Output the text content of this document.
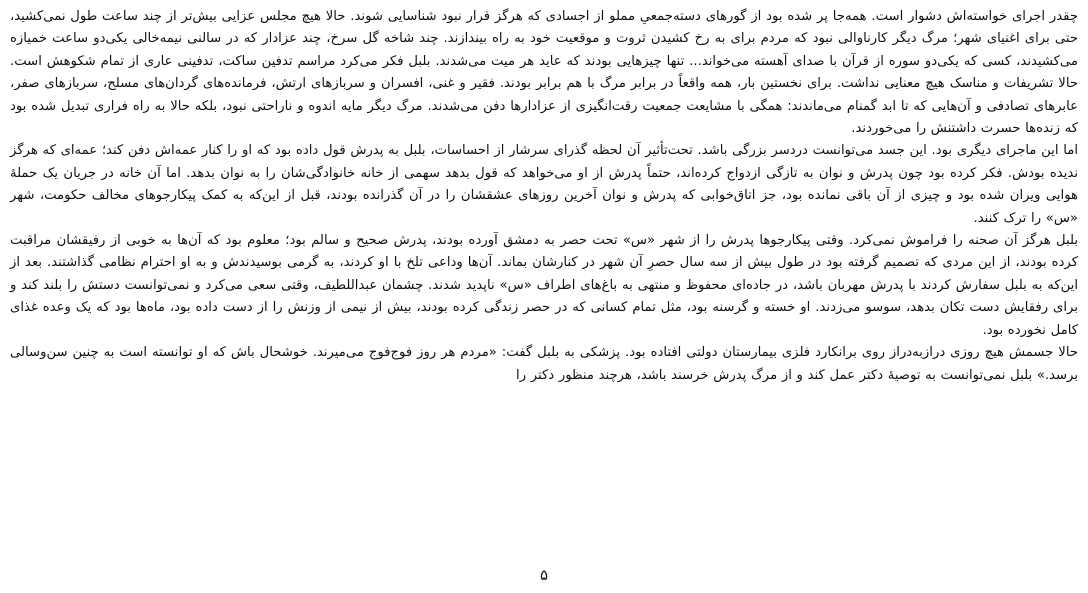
چقدر اجرای خواسته‌اش دشوار است. همه‌جا پر شده بود از گورهای دسته‌جمعیِ مملو از اجسادی که هرگز قرار نبود شناسایی شوند. حالا هیچ مجلس عزایی بیش‌تر از چند ساعت طول نمی‌کشید، حتی برای اغنیای شهر؛ مرگ دیگر کارناوالی نبود که مردم برای به رخ کشیدن ثروت و موقعیت خود به راه بیندازند. چند شاخه گل سرخ، چند عزادار که در سالنی نیمه‌خالی یکی‌دو ساعت خمیازه می‌کشیدند، کسی که یکی‌دو سوره از قرآن با صدای آهسته می‌خواند... تنها چیزهایی بودند که عاید هر میت می‌شدند. بلبل فکر می‌کرد مراسم تدفین ساکت، تدفینی عاری از تمام شکوهش است. حالا تشریفات و مناسک هیچ معنایی نداشت. برای نخستین بار، همه واقعاً در برابر مرگ با هم برابر بودند. فقیر و غنی، افسران و سربازهای ارتش، فرمانده‌های گردان‌های مسلح، سربازهای صفر، عابرهای تصادفی و آن‌هایی که تا ابد گمنام می‌ماندند: همگی با مشایعت جمعیت رقت‌انگیزی از عزادارها دفن می‌شدند. مرگ دیگر مایه اندوه و ناراحتی نبود، بلکه حالا به راه فراری تبدیل شده بود که زنده‌ها حسرت داشتنش را می‌خوردند.

اما این ماجرای دیگری بود. این جسد می‌توانست دردسر بزرگی باشد. تحت‌تأثیر آن لحظه گذرای سرشار از احساسات، بلبل به پدرش قول داده بود که او را کنار عمه‌اش دفن کند؛ عمه‌ای که هرگز ندیده بودش. فکر کرده بود چون پدرش و نوان به تازگی ازدواج کرده‌اند، حتماً پدرش از او می‌خواهد که قول بدهد سهمی از خانه خانوادگی‌شان را به نوان بدهد. اما آن خانه در جریان یک حملهٔ هوایی ویران شده بود و چیزی از آن باقی نمانده بود، جز اتاق‌خوابی که پدرش و نوان آخرین روزهای عشقشان را در آن گذرانده بودند، قبل از این‌که به کمک پیکارجوهای مخالف حکومت، شهر «س» را ترک کنند.

بلبل هرگز آن صحنه را فراموش نمی‌کرد. وقتی پیکارجوها پدرش را از شهر «س» تحت حصر به دمشق آورده بودند، پدرش صحیح و سالم بود؛ معلوم بود که آن‌ها به خوبی از رفیقشان مراقبت کرده بودند، از این مردی که تصمیم گرفته بود در طول بیش از سه سال حصرِ آن شهر در کنارشان بماند. آن‌ها وداعی تلخ با او کردند، به گرمی بوسیدندش و به او احترام نظامی گذاشتند. بعد از این‌که به بلبل سفارش کردند با پدرش مهربان باشد، در جاده‌ای محفوظ و منتهی به باغ‌های اطراف «س» ناپدید شدند. چشمان عبداللطیف، وقتی سعی می‌کرد و نمی‌توانست دستش را بلند کند و برای رفقایش دست تکان بدهد، سوسو می‌زدند. او خسته و گرسنه بود، مثل تمام کسانی که در حصر زندگی کرده بودند، بیش از نیمی از وزنش را از دست داده بود، ماه‌ها بود که یک وعده غذای کامل نخورده بود.

حالا جسمش هیچ روزی درازبه‌دراز روی برانکارد فلزی بیمارستان دولتی افتاده بود. پزشکی به بلبل گفت: «مردم هر روز فوج‌فوج می‌میرند. خوشحال باش که او توانسته است به چنین سن‌وسالی برسد.» بلبل نمی‌توانست به توصیهٔ دکتر عمل کند و از مرگ پدرش خرسند باشد، هرچند منظور دکتر را

۵
